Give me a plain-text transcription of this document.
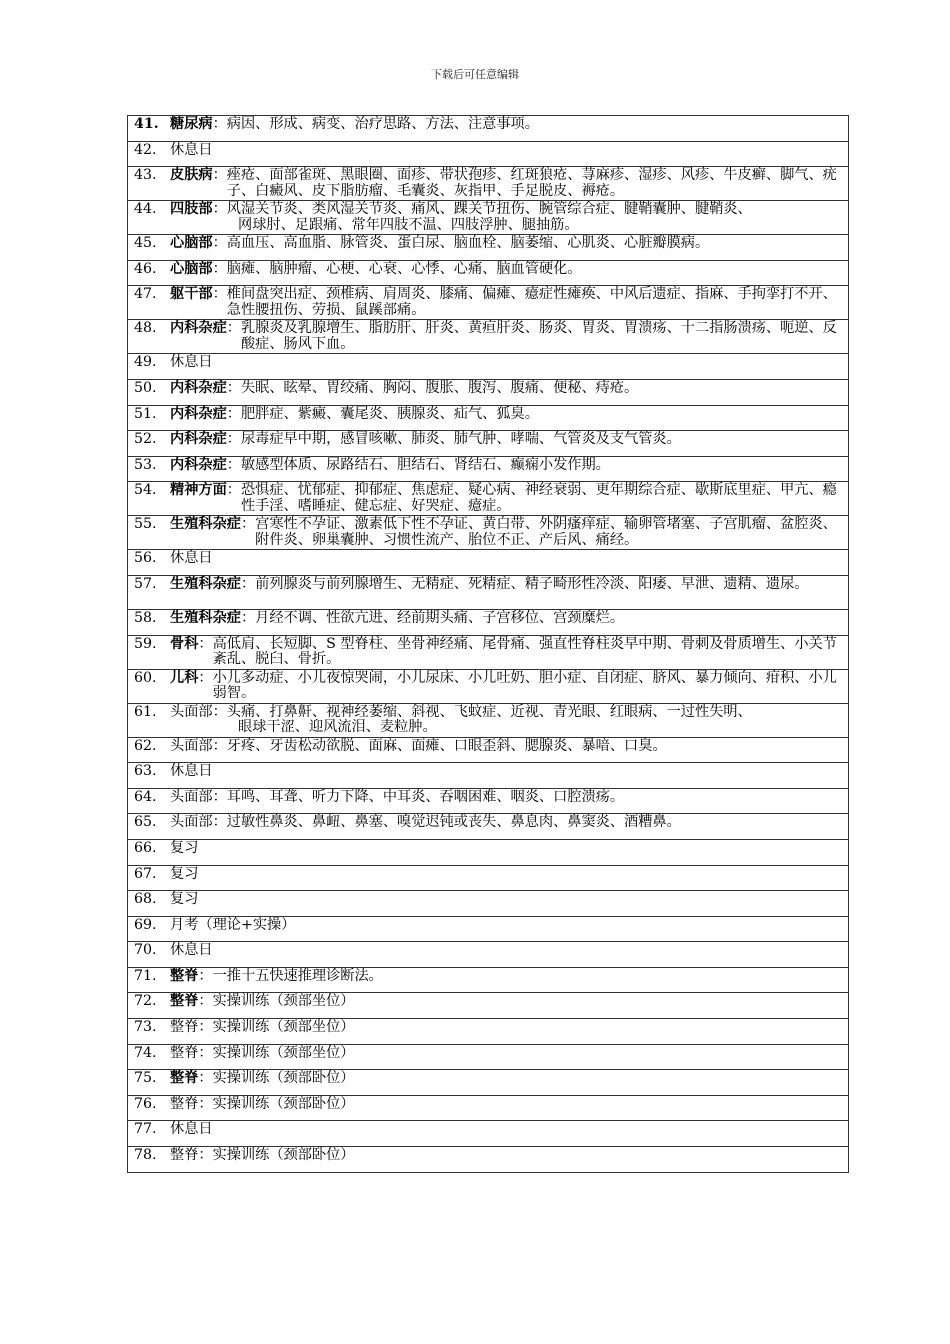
下载后可任意编辑
41. 糖尿病： 病因、形成、病变、治疗思路、方法、注意事项。

42. 休息日

43. 皮肤病： 痤疮、面部雀斑、黑眼圈、面疹、带状孢疹、红斑狼疮、荨麻疹、湿疹、风疹、牛皮癣、脚气、疣子、白癜风、皮下脂肪瘤、毛囊炎、灰指甲、手足脱皮、褥疮。

44. 四肢部：风湿关节炎、类风湿关节炎、痛风、踝关节扭伤、腕管综合症、腱鞘囊肿、腱鞘炎、
网球肘、足跟痛、常年四肢不温、四肢浮肿、腿抽筋。

45. 心脑部： 高血压、高血脂、脉管炎、蛋白尿、脑血栓、脑萎缩、心肌炎、心脏瓣膜病。

46. 心脑部： 脑瘫、脑肿瘤、心梗、心衰、心悸、心痛、脑血管硬化。

47. 躯干部： 椎间盘突出症、颈椎病、肩周炎、膝痛、偏瘫、癔症性瘫痪、中风后遗症、指麻、手拘挛打不开、急性腰扭伤、劳损、鼠蹊部痛。

48. 内科杂症： 乳腺炎及乳腺增生、脂肪肝、肝炎、黄疸肝炎、肠炎、胃炎、胃溃疡、十二指肠溃疡、呃逆、反酸症、肠风下血。

49. 休息日

50. 内科杂症： 失眠、眩晕、胃绞痛、胸闷、腹胀、腹泻、腹痛、便秘、痔疮。

51. 内科杂症： 肥胖症、紫癜、囊尾炎、胰腺炎、疝气、狐臭。

52. 内科杂症： 尿毒症早中期，感冒咳嗽、肺炎、肺气肿、哮喘、气管炎及支气管炎。

53. 内科杂症： 敏感型体质、尿路结石、胆结石、肾结石、癫痫小发作期。

54. 精神方面： 恐惧症、忧郁症、抑郁症、焦虑症、疑心病、神经衰弱、更年期综合症、歇斯底里症、甲亢、瘾性手淫、嗜睡症、健忘症、好哭症、癔症。

55. 生殖科杂症： 宫寒性不孕证、激素低下性不孕证、黄白带、外阴瘙痒症、输卵管堵塞、子宫肌瘤、盆腔炎、附件炎、卵巢囊肿、习惯性流产、胎位不正、产后风、痛经。

56. 休息日

57. 生殖科杂症： 前列腺炎与前列腺增生、无精症、死精症、精子畸形性冷淡、阳痿、早泄、遗精、遗尿。

58. 生殖科杂症： 月经不调、性欲亢进、经前期头痛、子宫移位、宫颈糜烂。

59. 骨科： 高低肩、长短脚、S 型脊柱、坐骨神经痛、尾骨痛、强直性脊柱炎早中期、骨刺及骨质增生、小关节紊乱、脱臼、骨折。

60. 儿科： 小儿多动症、小儿夜惊哭闹，小儿尿床、小儿吐奶、胆小症、自闭症、脐风、暴力倾向、疳积、小儿弱智。

61. 头面部：头痛、打鼻鼾、视神经萎缩、斜视、飞蚊症、近视、青光眼、红眼病、一过性失明、
眼球干涩、迎风流泪、麦粒肿。

62. 头面部： 牙疼、牙齿松动欲脱、面麻、面瘫、口眼歪斜、腮腺炎、暴喑、口臭。

63. 休息日

64. 头面部： 耳鸣、耳聋、听力下降、中耳炎、吞咽困难、咽炎、口腔溃疡。

65. 头面部： 过敏性鼻炎、鼻衄、鼻塞、嗅觉迟钝或丧失、鼻息肉、鼻窦炎、酒糟鼻。

66. 复习

67. 复习

68. 复习

69. 月考（理论+实操）

70. 休息日

71. 整脊： 一推十五快速推理诊断法。

72. 整脊： 实操训练（颈部坐位）

73. 整脊： 实操训练（颈部坐位）

74. 整脊： 实操训练（颈部坐位）

75. 整脊： 实操训练（颈部卧位）

76. 整脊： 实操训练（颈部卧位）

77. 休息日

78. 整脊： 实操训练（颈部卧位）
